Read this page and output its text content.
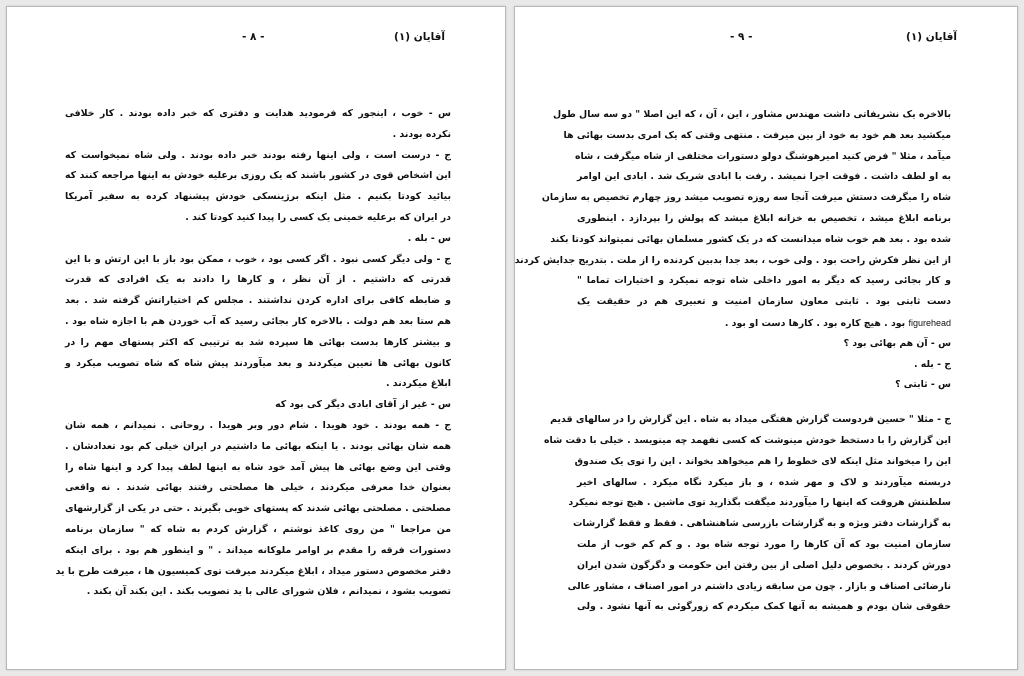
آقایان (۱)
- ۸ -
س - خوب ، اینجور که فرمودید هدایت و دفتری که خبر داده بودند . کار خلافی
نکرده بودند .
ج - درست است ، ولی اینها رفته بودند خبر داده بودند . ولی شاه نمیخواست که
این اشخاص قوی در کشور باشند که یک روزی برعلیه خودش به اینها مراجعه کنند که
بیائید کودتا بکنیم . مثل اینکه برژینسکی خودش پیشنهاد کرده به سفیر آمریکا
در ایران که برعلیه خمینی یک کسی را پیدا کنید کودتا کند .
س - بله .
ج - ولی دیگر کسی نبود . اگر کسی بود ، خوب ، ممکن بود باز با این ارتش و با این
قدرتی که داشتیم . از آن نظر ، و کارها را دادند به یک افرادی که قدرت
و ضابطه کافی برای اداره کردن نداشتند . مجلس کم اختیاراتش گرفته شد . بعد
هم ستا بعد هم دولت . بالاخره کار بجائی رسید که آب خوردن هم با اجازه شاه بود .
و بیشتر کارها بدست بهائی ها سپرده شد به ترتیبی که اکثر پستهای مهم را در
کانون بهائی ها تعیین میکردند و بعد میآوردند پیش شاه که شاه تصویب میکرد و
ابلاغ میکردند .
س - غیر از آقای ابادی دیگر کی بود که
ج - همه بودند . خود هویدا . شام دور وبر هویدا . روحانی . نمیدانم ، همه شان
همه شان بهائی بودند . یا اینکه بهائی ما داشتیم در ایران خیلی کم بود تعدادشان .
وقتی این وضع بهائی ها پیش آمد خود شاه به اینها لطف پیدا کرد و اینها شاه را
بعنوان خدا معرفی میکردند ، خیلی ها مصلحتی رفتند بهائی شدند . نه واقعی
مصلحتی . مصلحتی بهائی شدند که پستهای خوبی بگیرند . حتی در یکی از گزارشهای
من مراجعا " من روی کاغذ نوشتم ، گزارش کردم به شاه که " سازمان برنامه
دستورات فرقه را مقدم بر اوامر ملوکانه میداند . " و اینطور هم بود . برای اینکه
دفتر مخصوص دستور میداد ، ابلاغ میکردند میرفت توی کمیسیون ها ، میرفت طرح با ید
تصویب بشود ، نمیدانم ، فلان شورای عالی با ید تصویب بکند . این بکند آن بکند .
آقایان (۱)
- ۹ -
بالاخره یک نشریفاتی داشت مهندس مشاور ، این ، آن ، که این اصلا " دو سه سال طول
میکشید بعد هم خود به خود از بین میرفت . منتهی وقتی که یک امری بدست بهائی ها
میآمد ، مثلا " فرض کنید امیرهوشنگ دولو دستورات مختلفی از شاه میگرفت ، شاه
به او لطف داشت . فوقت اجرا نمیشد . رفت با ابادی شریک شد . ابادی این اوامر
شاه را میگرفت دستش میرفت آنجا سه روزه تصویب میشد روز چهارم تخصیص به سازمان
برنامه ابلاغ میشد ، تخصیص به خزانه ابلاغ میشد که پولش را بپردازد . اینطوری
شده بود . بعد هم خوب شاه میدانست که در یک کشور مسلمان بهائی نمیتواند کودتا بکند
از این نظر فکرش راحت بود . ولی خوب ، بعد جدا بدبین کردنده را از ملت . بتدریج جدایش کردند
و کار بجائی رسید که دیگر به امور داخلی شاه توجه نمیکرد و اختیارات تماما "
دست ثابتی بود . ثابتی معاون سازمان امنیت و تعبیری هم در حقیقت یک
figurehead بود . هیچ کاره بود . کارها دست او بود .
س - آن هم بهائی بود ؟
ج - بله .
س - ثابتی ؟
ج - مثلا " حسین فردوست گزارش هفتگی میداد به شاه . این گزارش را در سالهای قدیم
این گزارش را با دستخط خودش مینوشت که کسی نفهمد چه مینویسد . خیلی با دقت شاه
این را میخواند مثل اینکه لای خطوط را هم میخواهد بخواند . این را توی یک صندوق
دربسته میآوردند و لاک و مهر شده ، و باز میکرد نگاه میکرد . سالهای اخیر
سلطنتش هروقت که اینها را میآوردند میگفت بگذارید توی ماشین . هیچ توجه نمیکرد
به گزارشات دفتر ویژه و به گزارشات بازرسی شاهنشاهی . فقط و فقط گزارشات
سازمان امنیت بود که آن کارها را مورد توجه شاه بود . و کم کم خوب از ملت
دورش کردند . بخصوص دلیل اصلی از بین رفتن این حکومت و دگرگون شدن ایران
نارضائی اصناف و بازار . چون من سابقه زیادی داشتم در امور اصناف ، مشاور عالی
حقوقی شان بودم و همیشه به آنها کمک میکردم که زورگوئی به آنها نشود . ولی
